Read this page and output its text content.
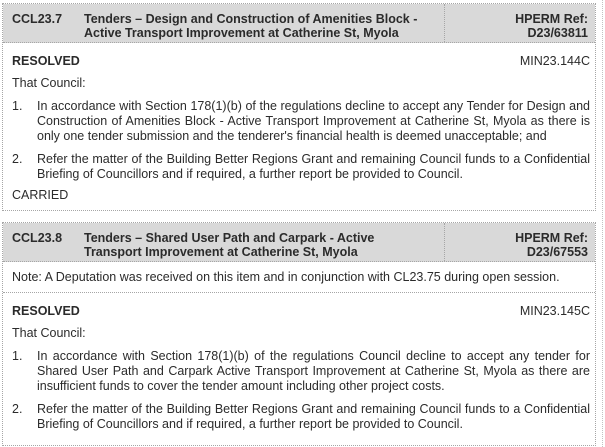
CCL23.7	Tenders – Design and Construction of Amenities Block -
Active Transport Improvement at Catherine St, Myola
HPERM Ref:
D23/63811
RESOLVED	MIN23.144C
That Council:
1.	In accordance with Section 178(1)(b) of the regulations decline to accept any Tender for Design and Construction of Amenities Block - Active Transport Improvement at Catherine St, Myola as there is only one tender submission and the tenderer's financial health is deemed unacceptable; and
2.	Refer the matter of the Building Better Regions Grant and remaining Council funds to a Confidential Briefing of Councillors and if required, a further report be provided to Council.
CARRIED
CCL23.8	Tenders – Shared User Path and Carpark - Active
Transport Improvement at Catherine St, Myola
HPERM Ref:
D23/67553
Note: A Deputation was received on this item and in conjunction with CL23.75 during open session.
RESOLVED	MIN23.145C
That Council:
1.	In accordance with Section 178(1)(b) of the regulations Council decline to accept any tender for Shared User Path and Carpark Active Transport Improvement at Catherine St, Myola as there are insufficient funds to cover the tender amount including other project costs.
2.	Refer the matter of the Building Better Regions Grant and remaining Council funds to a Confidential Briefing of Councillors and if required, a further report be provided to Council.
